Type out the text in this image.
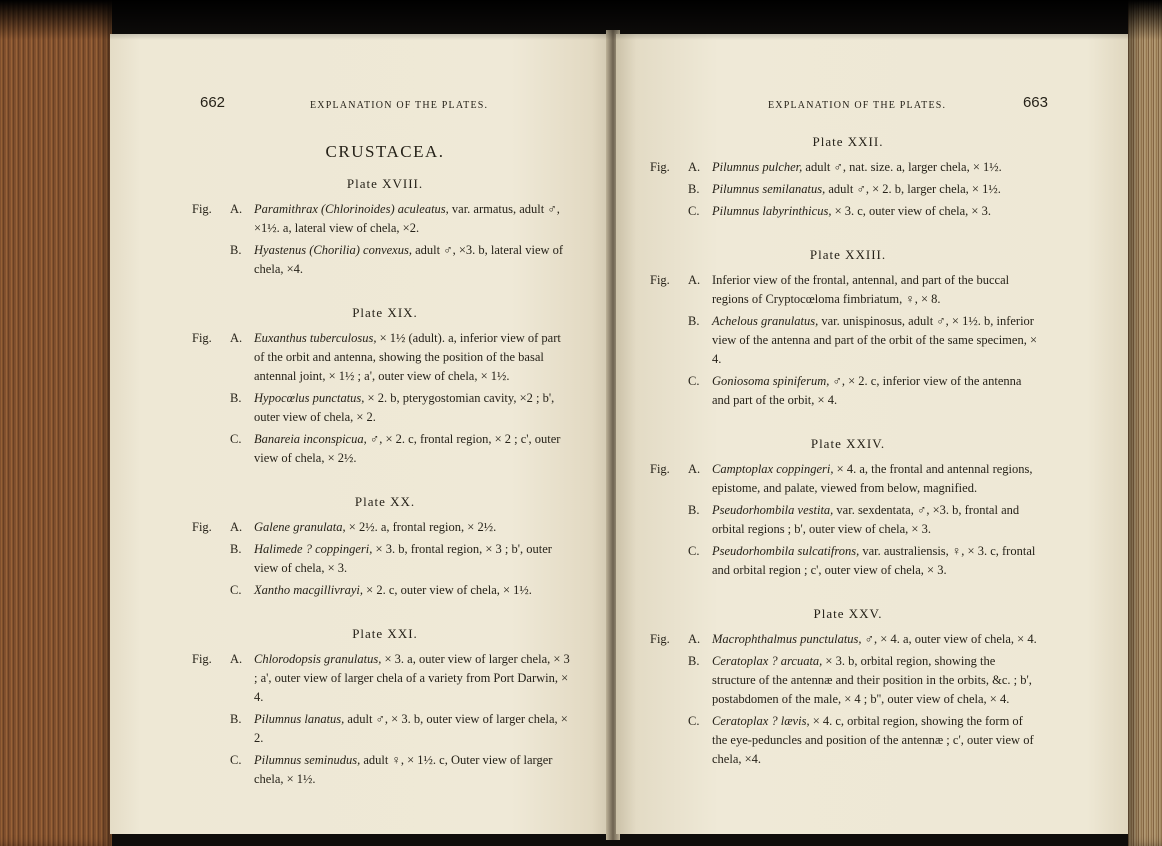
662	EXPLANATION OF THE PLATES.
CRUSTACEA.
Plate XVIII.
Fig. A. Paramithrax (Chlorinoides) aculeatus, var. armatus, adult ♂, ×1½. a, lateral view of chela, ×2.
B. Hyastenus (Chorilia) convexus, adult ♂, ×3. b, lateral view of chela, ×4.
Plate XIX.
Fig. A. Euxanthus tuberculosus, × 1½ (adult). a, inferior view of part of the orbit and antenna, showing the position of the basal antennal joint, × 1½ ; a', outer view of chela, × 1½.
B. Hypocœlus punctatus, × 2. b, pterygostomian cavity, ×2 ; b', outer view of chela, × 2.
C. Banareia inconspicua, ♂, × 2. c, frontal region, × 2 ; c', outer view of chela, × 2½.
Plate XX.
Fig. A. Galene granulata, × 2½. a, frontal region, × 2½.
B. Halimede ? coppingeri, × 3. b, frontal region, × 3 ; b', outer view of chela, × 3.
C. Xantho macgillivrayi, × 2. c, outer view of chela, × 1½.
Plate XXI.
Fig. A. Chlorodopsis granulatus, × 3. a, outer view of larger chela, × 3 ; a', outer view of larger chela of a variety from Port Darwin, × 4.
B. Pilumnus lanatus, adult ♂, × 3. b, outer view of larger chela, × 2.
C. Pilumnus seminudus, adult ♀, × 1½. c, Outer view of larger chela, × 1½.
EXPLANATION OF THE PLATES.	663
Plate XXII.
Fig. A. Pilumnus pulcher, adult ♂, nat. size. a, larger chela, × 1½.
B. Pilumnus semilanatus, adult ♂, × 2. b, larger chela, × 1½.
C. Pilumnus labyrinthicus, × 3. c, outer view of chela, × 3.
Plate XXIII.
Fig. A. Inferior view of the frontal, antennal, and part of the buccal regions of Cryptocœloma fimbriatum, ♀, × 8.
B. Achelous granulatus, var. unispinosus, adult ♂, × 1½. b, inferior view of the antenna and part of the orbit of the same specimen, × 4.
C. Goniosoma spiniferum, ♂, × 2. c, inferior view of the antenna and part of the orbit, × 4.
Plate XXIV.
Fig. A. Camptoplax coppingeri, × 4. a, the frontal and antennal regions, epistome, and palate, viewed from below, magnified.
B. Pseudorhombila vestita, var. sexdentata, ♂, ×3. b, frontal and orbital regions ; b', outer view of chela, × 3.
C. Pseudorhombila sulcatifrons, var. australiensis, ♀, × 3. c, frontal and orbital region ; c', outer view of chela, × 3.
Plate XXV.
Fig. A. Macrophthalmus punctulatus, ♂, × 4. a, outer view of chela, × 4.
B. Ceratoplax ? arcuata, × 3. b, orbital region, showing the structure of the antennæ and their position in the orbits, &c. ; b', postabdomen of the male, × 4 ; b'', outer view of chela, × 4.
C. Ceratoplax ? lævis, × 4. c, orbital region, showing the form of the eye-peduncles and position of the antennæ ; c', outer view of chela, ×4.
